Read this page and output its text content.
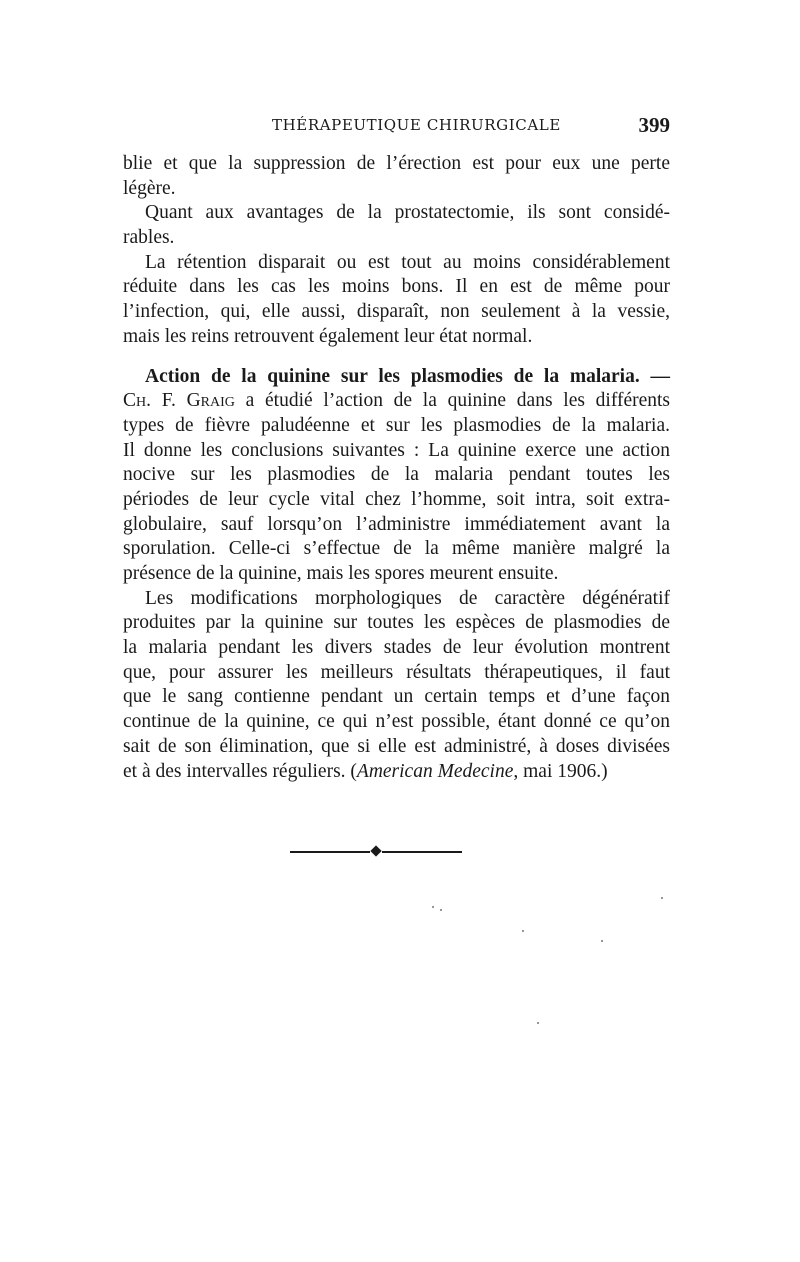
THÉRAPEUTIQUE CHIRURGICALE	399
blie et que la suppression de l’érection est pour eux une perte
légère.
Quant aux avantages de la prostatectomie, ils sont considé-
rables.
La rétention disparait ou est tout au moins considérablement
réduite dans les cas les moins bons. Il en est de même pour
l’infection, qui, elle aussi, disparaît, non seulement à la vessie,
mais les reins retrouvent également leur état normal.
Action de la quinine sur les plasmodies de la malaria. —
Ch. F. Graig a étudié l’action de la quinine dans les différents
types de fièvre paludéenne et sur les plasmodies de la malaria.
Il donne les conclusions suivantes : La quinine exerce une action
nocive sur les plasmodies de la malaria pendant toutes les
périodes de leur cycle vital chez l’homme, soit intra, soit extra-
globulaire, sauf lorsqu’on l’administre immédiatement avant la
sporulation. Celle-ci s’effectue de la même manière malgré la
présence de la quinine, mais les spores meurent ensuite.
Les modifications morphologiques de caractère dégénératif
produites par la quinine sur toutes les espèces de plasmodies de
la malaria pendant les divers stades de leur évolution montrent
que, pour assurer les meilleurs résultats thérapeutiques, il faut
que le sang contienne pendant un certain temps et d’une façon
continue de la quinine, ce qui n’est possible, étant donné ce qu’on
sait de son élimination, que si elle est administré, à doses divisées
et à des intervalles réguliers. (American Medecine, mai 1906.)
